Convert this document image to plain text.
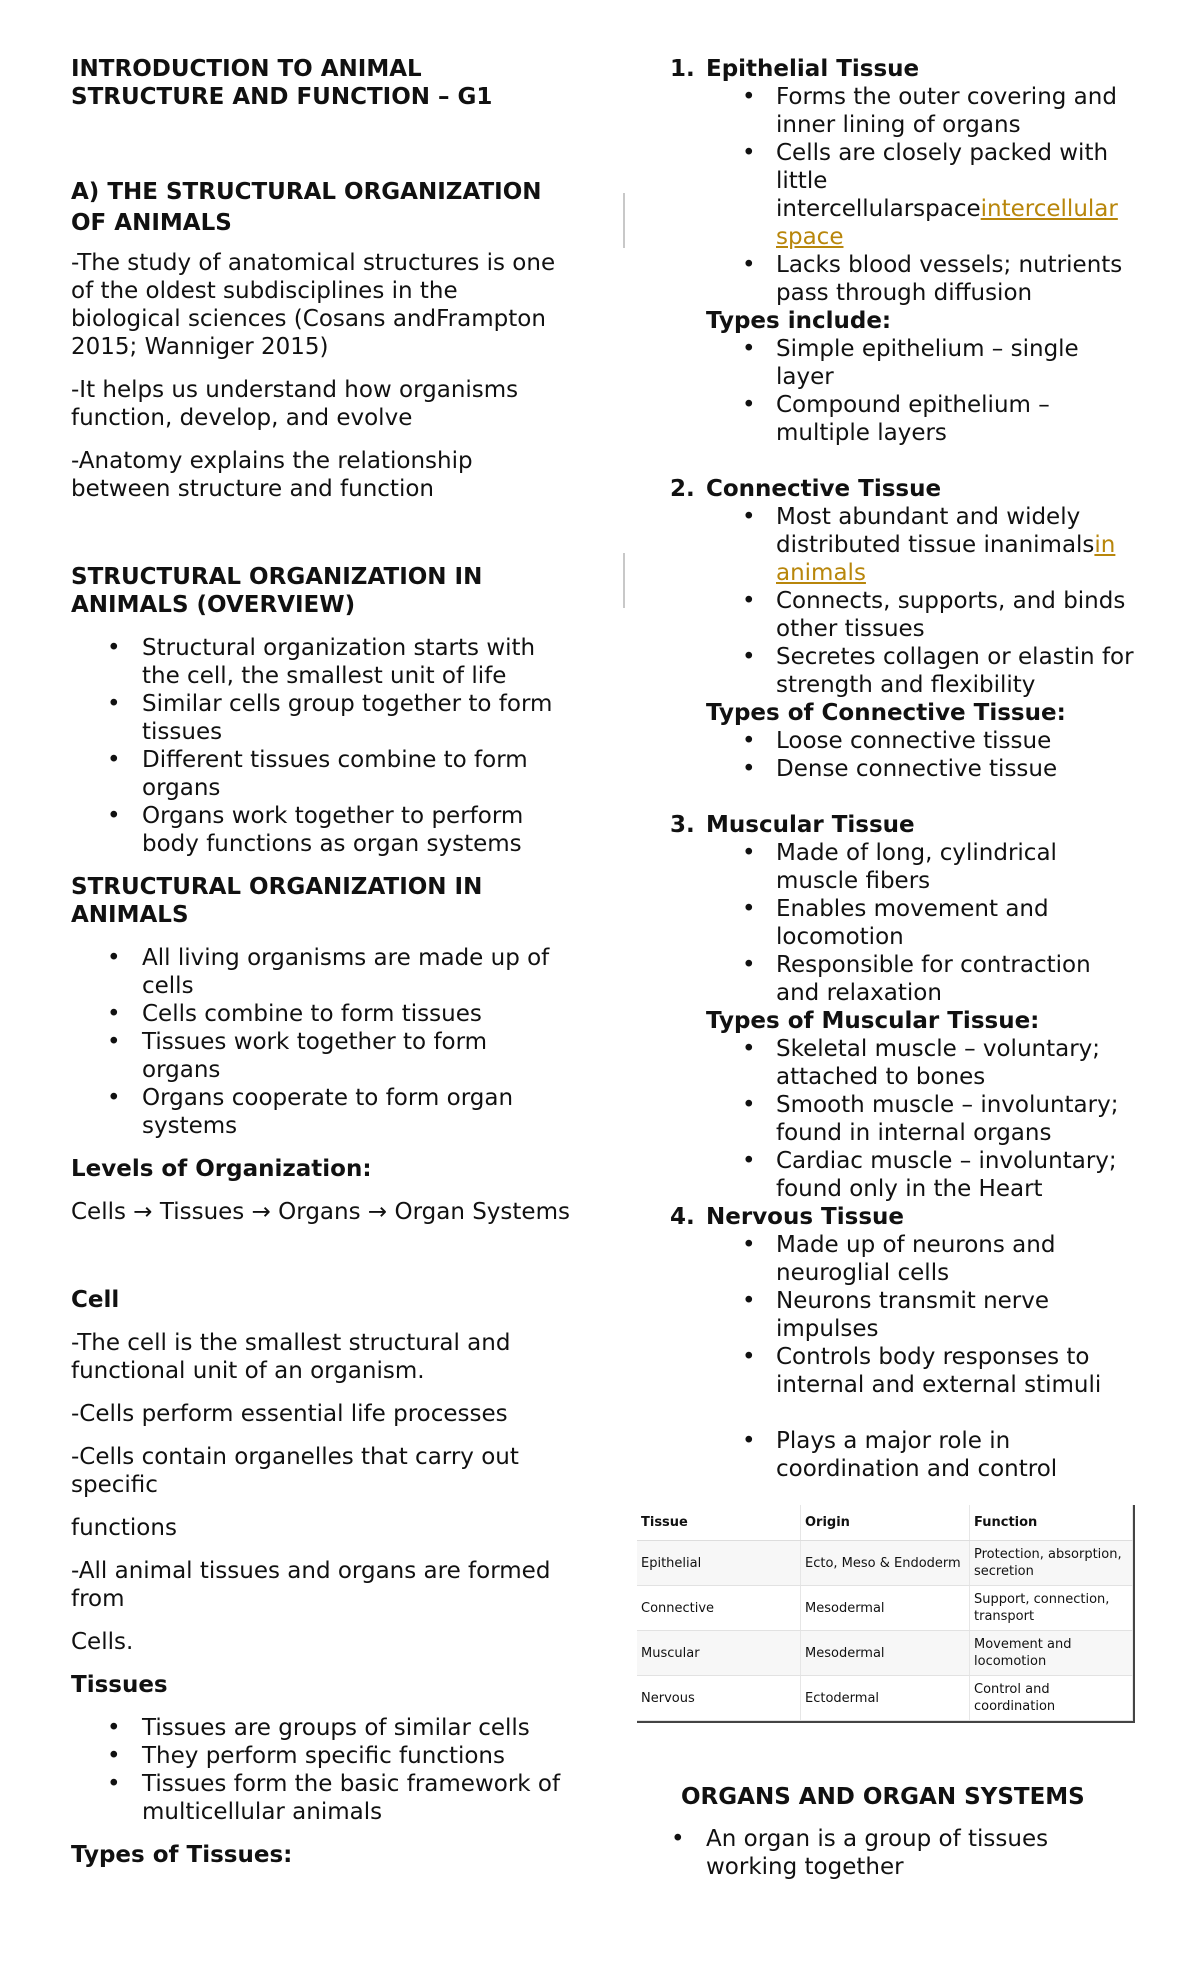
INTRODUCTION TO ANIMAL STRUCTURE AND FUNCTION – G1

A) THE STRUCTURAL ORGANIZATION OF ANIMALS

-The study of anatomical structures is one of the oldest subdisciplines in the biological sciences (Cosans andFrampton 2015; Wanniger 2015)

-It helps us understand how organisms function, develop, and evolve

-Anatomy explains the relationship between structure and function

STRUCTURAL ORGANIZATION IN ANIMALS (OVERVIEW)

• Structural organization starts with the cell, the smallest unit of life
• Similar cells group together to form tissues
• Different tissues combine to form organs
• Organs work together to perform body functions as organ systems

STRUCTURAL ORGANIZATION IN ANIMALS

• All living organisms are made up of cells
• Cells combine to form tissues
• Tissues work together to form organs
• Organs cooperate to form organ systems

Levels of Organization:

Cells → Tissues → Organs → Organ Systems

Cell

-The cell is the smallest structural and functional unit of an organism.

-Cells perform essential life processes

-Cells contain organelles that carry out specific

functions

-All animal tissues and organs are formed from

Cells.

Tissues

• Tissues are groups of similar cells
• They perform specific functions
• Tissues form the basic framework of multicellular animals

Types of Tissues:

1. Epithelial Tissue
• Forms the outer covering and inner lining of organs
• Cells are closely packed with little intercellularspaceintercellular space
• Lacks blood vessels; nutrients pass through diffusion

Types include:

• Simple epithelium – single layer
• Compound epithelium – multiple layers
2. Connective Tissue
• Most abundant and widely distributed tissue inanimalsin animals
• Connects, supports, and binds other tissues
• Secretes collagen or elastin for strength and flexibility

Types of Connective Tissue:

• Loose connective tissue
• Dense connective tissue
3. Muscular Tissue
• Made of long, cylindrical muscle fibers
• Enables movement and locomotion
• Responsible for contraction and relaxation

Types of Muscular Tissue:

• Skeletal muscle – voluntary; attached to bones
• Smooth muscle – involuntary; found in internal organs
• Cardiac muscle – involuntary; found only in the Heart
4. Nervous Tissue
• Made up of neurons and neuroglial cells
• Neurons transmit nerve impulses
• Controls body responses to internal and external stimuli
• Plays a major role in coordination and control
Tissue	Origin	Function
Epithelial	Ecto, Meso & Endoderm	Protection, absorption, secretion
Connective	Mesodermal	Support, connection, transport
Muscular	Mesodermal	Movement and locomotion
Nervous	Ectodermal	Control and coordination

ORGANS AND ORGAN SYSTEMS

• An organ is a group of tissues working together
